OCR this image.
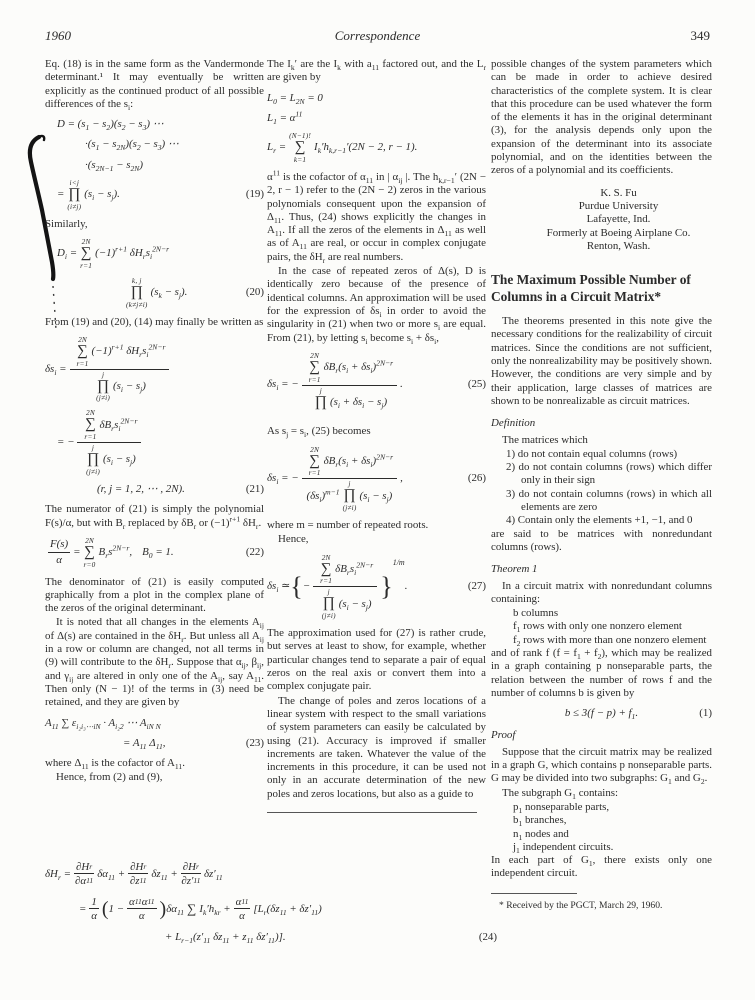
1960	Correspondence	349

Eq. (18) is in the same form as the Vandermonde determinant.¹ It may eventually be written explicitly as the continued product of all possible differences of the $s_i$:

$D = (s_1 - s_2)(s_2 - s_3)$ ⋯
$\cdot(s_1 - s_{2N})(s_2 - s_3)$ ⋯
$\cdot(s_{2N-1} - s_{2N})$
=
i<j
∏
(i≠j)
$(s_i - s_j)$.	(19)

Similarly,

$D_i$ =
2N
∑
r=1
$(-1)^{r+1}$ $\delta H_rs_i^{2N-r}$
k, j
∏
(k≠j≠i)
$(s_k - s_j)$.	(20)

From (19) and (20), (14) may finally be written as

$\delta s_i = 2N$
∑
r=1
$(-1)^{r+1}$ $\delta H_rs_i^{2N-r}$
j
∏
(j≠i)
$(s_i - s_j)$
= − 2N
∑
r=1
$\delta B_rs_i^{2N-r}$
j
∏
(j≠i)
$(s_i - s_j)$
(r, j = 1, 2, ⋯ , 2N).	(21)

The numerator of (21) is simply the polynomial F(s)/α, but with $B_r$ replaced by $\delta B_r$ or $(-1)^{r+1}$ $\delta H_r$.

$\frac{F(s)}{\alpha}$ =
2N
∑
r=0
$B_rs^{2N-r}$, $B_0 = 1$.	(22)

The denominator of (21) is easily computed graphically from a plot in the complex plane of the zeros of the original determinant.

It is noted that all changes in the elements $A_{ij}$ of Δ(s) are contained in the $\delta H_r$. But unless all $A_{ij}$ in a row or column are changed, not all terms in (9) will contribute to the $\delta H_r$. Suppose that $\alpha_{ij}$, $\beta_{ij}$, and $\gamma_{ij}$ are altered in only one of the $A_{ij}$, say $A_{11}$. Then only (N − 1)! of the terms in (3) need be retained, and they are given by

$A_{11}$ ∑ $\varepsilon_{i_2i_3\cdots iN} \cdot A_{i_22}$ ⋯ $A_{iN N}$
= $A_{11}$ $\Delta_{11}$,	(23)

where $\Delta_{11}$ is the cofactor of $A_{11}$.

Hence, from (2) and (9),

The $I_k'$ are the $I_k$ with $a_{11}$ factored out, and the $L_r$ are given by

$L_0 = L_{2N} = 0$
$L_1 = \alpha^{11}$
$L_r$ =
(N−1)!
∑
k=1
$I_k'h_{k,r-1}'(2N - 2$, r − 1).

$\alpha^{11}$ is the cofactor of $\alpha_{11}$ in | $\alpha_{ij}$ |. The $h_{k,r-1}'$ (2N − 2, r − 1) refer to the (2N − 2) zeros in the various polynomials consequent upon the expansion of $\Delta_{11}$. Thus, (24) shows explicitly the changes in $A_{11}$. If all the zeros of the elements in $\Delta_{11}$ as well as of $A_{11}$ are real, or occur in complex conjugate pairs, the $\delta H_r$ are real numbers.

In the case of repeated zeros of Δ(s), D is identically zero because of the presence of identical columns. An approximation will be used for the expression of $\delta s_i$ in order to avoid the singularity in (21) when two or more $s_i$ are equal. From (21), by letting $s_i$ become $s_i + \delta s_i$,

$\delta s_i$ = − 2N
∑
r=1
$\delta B_r(s_i + \delta s_i)^{2N-r}$
j
∏ $(s_i + \delta s_i - s_j)$ .	(25)

As $s_j = s_i$, (25) becomes

$\delta s_i$ = − 2N
∑
r=1
$\delta B_r(s_i + \delta s_i)^{2N-r}$
$(\delta s_i)^{m-1}$
j
∏
(j≠i)
$(s_i - s_j)$ ,	(26)

where m = number of repeated roots.

Hence,

$\delta s_i$ ≃ { − 2N
∑
r=1
$\delta B_rs_i^{2N-r}$
j
∏
(j≠i)
$(s_i - s_j)$ }
1/m
.	(27)

The approximation used for (27) is rather crude, but serves at least to show, for example, whether particular changes tend to separate a pair of equal zeros on the real axis or convert them into a complex conjugate pair.

The change of poles and zeros locations of a linear system with respect to the small variations of system parameters can easily be calculated by using (21). Accuracy is improved if smaller increments are taken. Whatever the value of the increments in this procedure, it can be used not only in an accurate determination of the new poles and zeros locations, but also as a guide to

possible changes of the system parameters which can be made in order to achieve desired characteristics of the complete system. It is clear that this procedure can be used whatever the form of the elements it has in the original determinant (3), for the analysis depends only upon the expansion of the determinant into its associate polynomial, and on the identities between the zeros of a polynomial and its coefficients.

K. S. Fu
Purdue University
Lafayette, Ind.
Formerly at Boeing Airplane Co.
Renton, Wash.
The Maximum Possible Number of Columns in a Circuit Matrix*

The theorems presented in this note give the necessary conditions for the realizability of circuit matrices. Since the conditions are not sufficient, only the nonrealizability may be positively shown. However, the conditions are very simple and by their application, large classes of matrices are shown to be nonrealizable as circuit matrices.

Definition

The matrices which

1) do not contain equal columns (rows)
2) do not contain columns (rows) which differ only in their sign
3) do not contain columns (rows) in which all elements are zero
4) Contain only the elements +1, −1, and 0

are said to be matrices with nonredundant columns (rows).

Theorem 1

In a circuit matrix with nonredundant columns containing:

b columns
$f_1$ rows with only one nonzero element
$f_2$ rows with more than one nonzero element

and of rank f $(f = f_1 + f_2)$, which may be realized in a graph containing p nonseparable parts, the relation between the number of rows f and the number of columns b is given by

$b \le 3(f - p) + f_1$.	(1)
Proof

Suppose that the circuit matrix may be realized in a graph G, which contains p nonseparable parts. G may be divided into two subgraphs: $G_1$ and $G_2$.

The subgraph $G_1$ contains:

$p_1$ nonseparable parts,
$b_1$ branches,
$n_1$ nodes and
$j_1$ independent circuits.

In each part of $G_1$, there exists only one independent circuit.

* Received by the PGCT, March 29, 1960.
$\delta H_r = \frac{\text{∂H r}}{\partial\alpha 11} \delta\alpha_{11} + \frac{\text{∂H r}}{\partial z 11} \delta z_{11} + \frac{\text{∂H r}}{\partial z' 11} \delta z'_{11}$
= $\frac{1}{\alpha}$ ( $1 - \frac{\alpha 11 \alpha 11}{\alpha}$ ) $\delta\alpha_{11}$ ∑ $I_k'h_{kr} + \frac{\alpha 11}{\alpha} [L_r(\delta z_{11} + \delta z'_{11})$
+ $L_{r-1}(z'_{11}$ $\delta z_{11} + z_{11}$ $\delta z'_{11}$)].	(24)
